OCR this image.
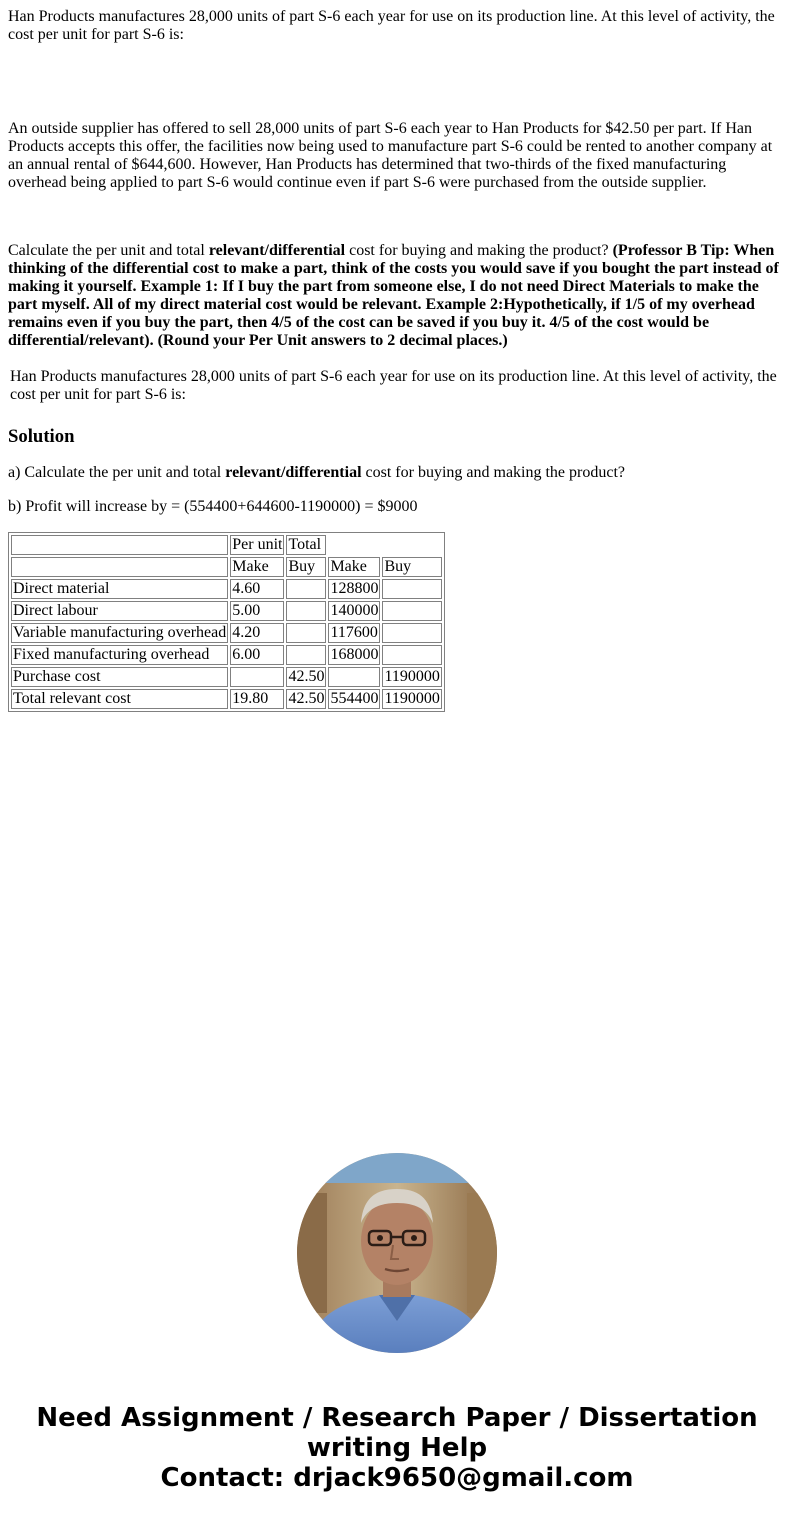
Han Products manufactures 28,000 units of part S-6 each year for use on its production line. At this level of activity, the cost per unit for part S-6 is:

An outside supplier has offered to sell 28,000 units of part S-6 each year to Han Products for $42.50 per part. If Han Products accepts this offer, the facilities now being used to manufacture part S-6 could be rented to another company at an annual rental of $644,600. However, Han Products has determined that two-thirds of the fixed manufacturing overhead being applied to part S-6 would continue even if part S-6 were purchased from the outside supplier.

Calculate the per unit and total relevant/differential cost for buying and making the product? (Professor B Tip: When thinking of the differential cost to make a part, think of the costs you would save if you bought the part instead of making it yourself. Example 1: If I buy the part from someone else, I do not need Direct Materials to make the part myself. All of my direct material cost would be relevant. Example 2:Hypothetically, if 1/5 of my overhead remains even if you buy the part, then 4/5 of the cost can be saved if you buy it. 4/5 of the cost would be differential/relevant). (Round your Per Unit answers to 2 decimal places.)

Han Products manufactures 28,000 units of part S-6 each year for use on its production line. At this level of activity, the cost per unit for part S-6 is:

Solution

a) Calculate the per unit and total relevant/differential cost for buying and making the product?

b) Profit will increase by = (554400+644600-1190000) = $9000

	Per unit	Total		
	Make	Buy	Make	Buy
Direct material	4.60		128800	
Direct labour	5.00		140000	
Variable manufacturing overhead	4.20		117600	
Fixed manufacturing overhead	6.00		168000	
Purchase cost		42.50		1190000
Total relevant cost	19.80	42.50	554400	1190000
Need Assignment / Research Paper / Dissertation
writing Help
Contact: drjack9650@gmail.com
